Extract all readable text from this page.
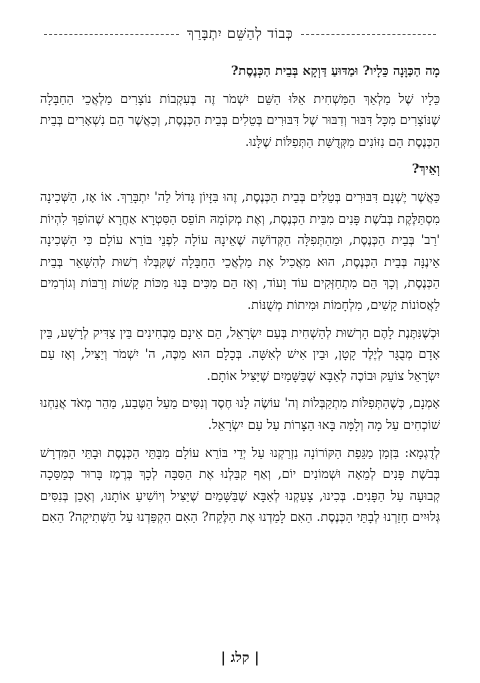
כְּבוֹד לְהַשֵּׁם יִתְבָּרַךְ

מָה הַכַּוָּנָה כֵּלָיו? וּמַדּוּעַ דַּוְקָא בְּבֵית הַכְּנֶסֶת?

כֵּלָיו שֶׁל מַלְאַךְ הַמַּשְׁחִית אֵלּוּ הַשֵּׁם יִשְׁמֹר זֶה בְּעִקְבוֹת נוֹצָרִים מַלְאֲכֵי הַחַבָּלָה שֶׁנּוֹצָרִים מִכָּל דִּבּוּר וְדִבּוּר שֶׁל דִּבּוּרִים בְּטֵלִים בְּבֵית הַכְּנֶסֶת, וְכַאֲשֶׁר הֵם נִשְׁאָרִים בְּבֵית הַכְּנֶסֶת הֵם נִזּוֹנִים מִקְּדֻשַּׁת הַתְּפִלּוֹת שֶׁלָּנוּ.

וְאֵיךְ?

כַּאֲשֶׁר יֶשְׁנָם דִּבּוּרִים בְּטֵלִים בְּבֵית הַכְּנֶסֶת, זֶהוּ בִּזָּיוֹן גָּדוֹל לַה' יִתְבָּרַךְ. אוֹ אָז, הַשְּׁכִינָה מִסְתַּלֶּקֶת בְּבֹשֶׁת פָּנִים מִבֵּית הַכְּנֶסֶת, וְאֶת מְקוֹמָהּ תּוֹפֵס הַסִּטְרָא אַחֲרָא שֶׁהוֹפֵךְ לִהְיוֹת 'רַב' בְּבֵית הַכְּנֶסֶת, וּמֵהַתְּפִלָּה הַקְּדוֹשָׁה שֶׁאֵינָהּ עוֹלָה לִפְנֵי בּוֹרֵא עוֹלָם כִּי הַשְּׁכִינָה אֵינֶנָּה בְּבֵית הַכְּנֶסֶת, הוּא מַאֲכִיל אֶת מַלְאֲכֵי הַחַבָּלָה שֶׁקִּבְּלוּ רְשׁוּת לְהִשָּׁאֵר בְּבֵית הַכְּנֶסֶת, וְכָךְ הֵם מִתְחַזְּקִים עוֹד וָעוֹד, וְאָז הֵם מַכִּים בָּנוּ מַכּוֹת קָשׁוֹת וְרַבּוֹת וְגוֹרְמִים לַאֲסוֹנוֹת קָשִׁים, מִלְחָמוֹת וּמִיתוֹת מְשֻׁנּוֹת.

וּכְשֶׁנִּתֶּנֶת לָהֶם הָרְשׁוּת לְהַשְׁחִית בְּעַם יִשְׂרָאֵל, הֵם אֵינָם מַבְחִינִים בֵּין צַדִּיק לְרָשָׁע, בֵּין אָדָם מְבֻגָּר לְיֶלֶד קָטָן, וּבֵין אִישׁ לְאִשָּׁה. בְּכָלָם הוּא מַכֶּה, ה' יִשְׁמֹר וְיַצִּיל, וְאָז עַם יִשְׂרָאֵל צוֹעֵק וּבוֹכֶה לְאַבָּא שֶׁבַּשָּׁמַיִם שֶׁיַּצִּיל אוֹתָם.

אָמְנָם, כְּשֶׁהַתְּפִלּוֹת מִתְקַבְּלוֹת וְה' עוֹשֶׂה לָנוּ חֶסֶד וְנִסִּים מֵעַל הַטֶּבַע, מַהֵר מְאֹד אֲנַחְנוּ שׁוֹכְחִים עַל מָה וְלָמָּה בָּאוּ הַצָּרוֹת עַל עַם יִשְׂרָאֵל.

לְדֻגְמָא: בִּזְמַן מַגֵּפַת הַקּוֹרוֹנָה נִזְרַקְנוּ עַל יְדֵי בּוֹרֵא עוֹלָם מִבָּתֵּי הַכְּנֶסֶת וּבָתֵּי הַמִּדְרָשׁ בְּבֹשֶׁת פָּנִים לְמֵאָה וּשְׁמוֹנִים יוֹם, וְאַף קִבַּלְנוּ אֶת הַסִּבָּה לְכָךְ בְּרֶמֶז בָּרוּר כְּמַסֵּכָה קְבוּעָה עַל הַפָּנִים. בְּכִינוּ, צָעַקְנוּ לְאַבָּא שֶׁבַּשָּׁמַיִם שֶׁיַּצִּיל וְיוֹשִׁיעַ אוֹתָנוּ, וְאָכֵן בְּנִסִּים גְּלוּיִים חָזַרְנוּ לְבָתֵּי הַכְּנֶסֶת. הַאִם לָמַדְנוּ אֶת הַלֶּקַח? הַאִם הִקְפַּדְנוּ עַל הַשְּׁתִיקָה? הַאִם

| קלג |
